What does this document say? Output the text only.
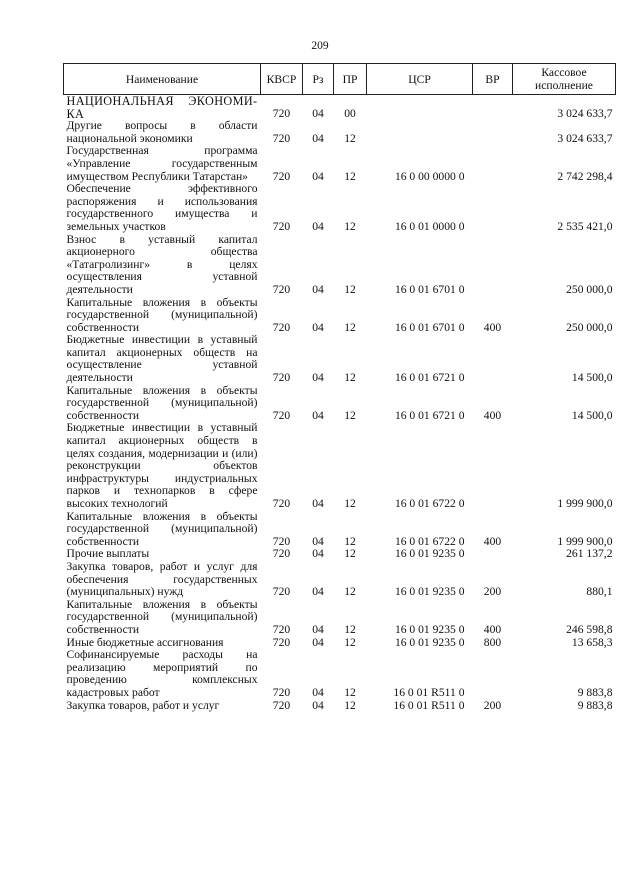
209
Наименование	КВСР	Рз	ПР	ЦСР	ВР	Кассовое исполнение
НАЦИОНАЛЬНАЯ ЭКОНОМИ-КА	720	04	00			3 024 633,7
Другие вопросы в области национальной экономики	720	04	12			3 024 633,7
Государственная программа «Управление государственным имуществом Республики Татарстан»	720	04	12	16 0 00 0000 0		2 742 298,4
Обеспечение эффективного распоряжения и использования государственного имущества и земельных участков	720	04	12	16 0 01 0000 0		2 535 421,0
Взнос в уставный капитал акционерного общества «Татагролизинг» в целях осуществления уставной деятельности	720	04	12	16 0 01 6701 0		250 000,0
Капитальные вложения в объекты государственной (муниципальной) собственности	720	04	12	16 0 01 6701 0	400	250 000,0
Бюджетные инвестиции в уставный капитал акционерных обществ на осуществление уставной деятельности	720	04	12	16 0 01 6721 0		14 500,0
Капитальные вложения в объекты государственной (муниципальной) собственности	720	04	12	16 0 01 6721 0	400	14 500,0
Бюджетные инвестиции в уставный капитал акционерных обществ в целях создания, модернизации и (или) реконструкции объектов инфраструктуры индустриальных парков и технопарков в сфере высоких технологий	720	04	12	16 0 01 6722 0		1 999 900,0
Капитальные вложения в объекты государственной (муниципальной) собственности	720	04	12	16 0 01 6722 0	400	1 999 900,0
Прочие выплаты	720	04	12	16 0 01 9235 0		261 137,2
Закупка товаров, работ и услуг для обеспечения государственных (муниципальных) нужд	720	04	12	16 0 01 9235 0	200	880,1
Капитальные вложения в объекты государственной (муниципальной) собственности	720	04	12	16 0 01 9235 0	400	246 598,8
Иные бюджетные ассигнования	720	04	12	16 0 01 9235 0	800	13 658,3
Софинансируемые расходы на реализацию мероприятий по проведению комплексных кадастровых работ	720	04	12	16 0 01 R511 0		9 883,8
Закупка товаров, работ и услуг	720	04	12	16 0 01 R511 0	200	9 883,8
